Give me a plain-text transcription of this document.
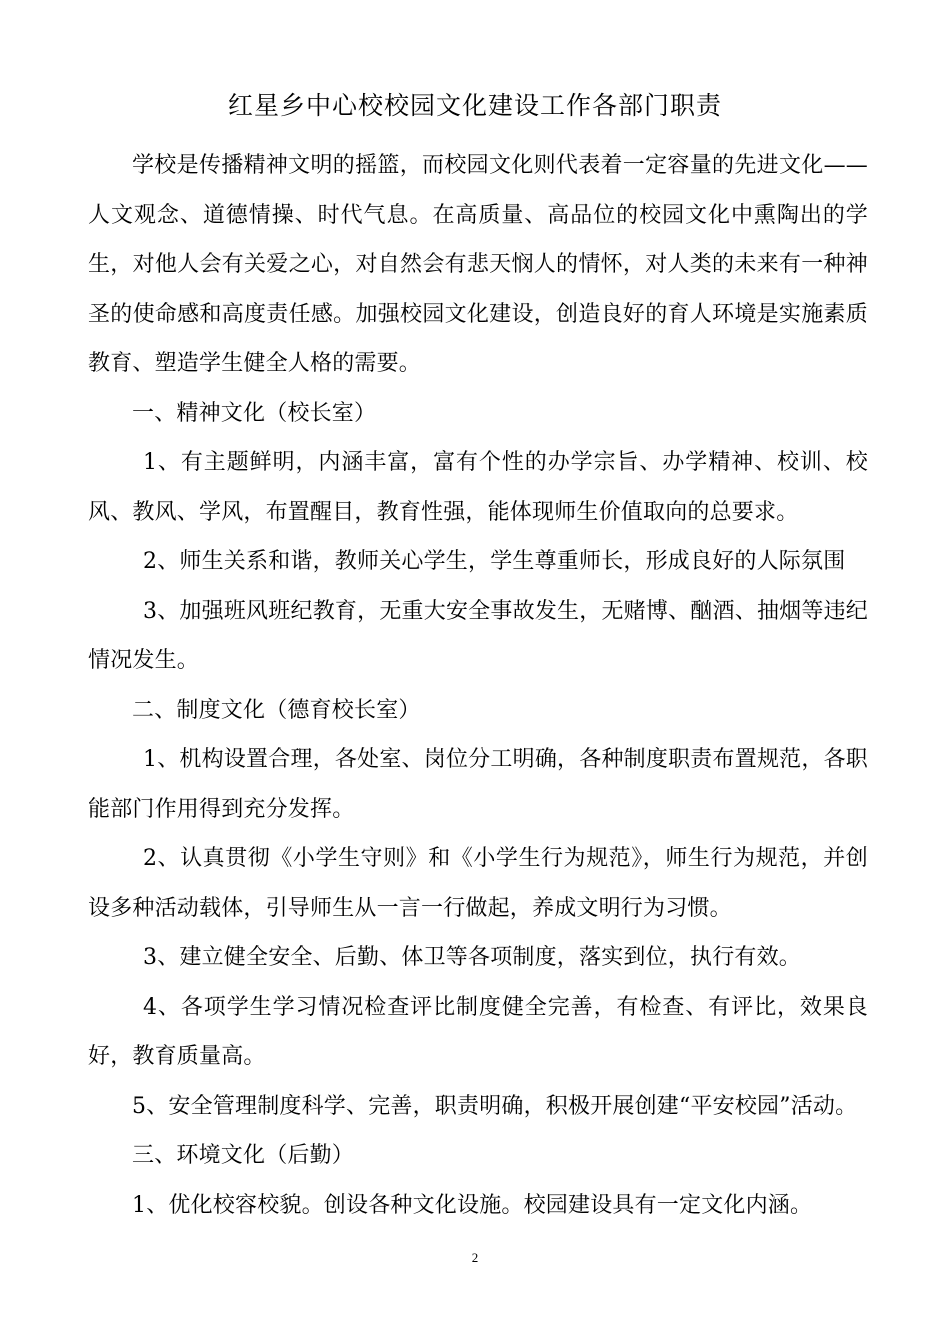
红星乡中心校校园文化建设工作各部门职责

学校是传播精神文明的摇篮，而校园文化则代表着一定容量的先进文化——人文观念、道德情操、时代气息。在高质量、高品位的校园文化中熏陶出的学生，对他人会有关爱之心，对自然会有悲天悯人的情怀，对人类的未来有一种神圣的使命感和高度责任感。加强校园文化建设，创造良好的育人环境是实施素质教育、塑造学生健全人格的需要。

一、精神文化（校长室）

1、有主题鲜明，内涵丰富，富有个性的办学宗旨、办学精神、校训、校风、教风、学风，布置醒目，教育性强，能体现师生价值取向的总要求。

2、师生关系和谐，教师关心学生，学生尊重师长，形成良好的人际氛围

3、加强班风班纪教育，无重大安全事故发生，无赌博、酗酒、抽烟等违纪情况发生。

二、制度文化（德育校长室）

1、机构设置合理，各处室、岗位分工明确，各种制度职责布置规范，各职能部门作用得到充分发挥。

2、认真贯彻《小学生守则》和《小学生行为规范》，师生行为规范，并创设多种活动载体，引导师生从一言一行做起，养成文明行为习惯。

3、建立健全安全、后勤、体卫等各项制度，落实到位，执行有效。

4、各项学生学习情况检查评比制度健全完善，有检查、有评比，效果良好，教育质量高。

5、安全管理制度科学、完善，职责明确，积极开展创建“平安校园”活动。

三、环境文化（后勤）

1、优化校容校貌。创设各种文化设施。校园建设具有一定文化内涵。

2
